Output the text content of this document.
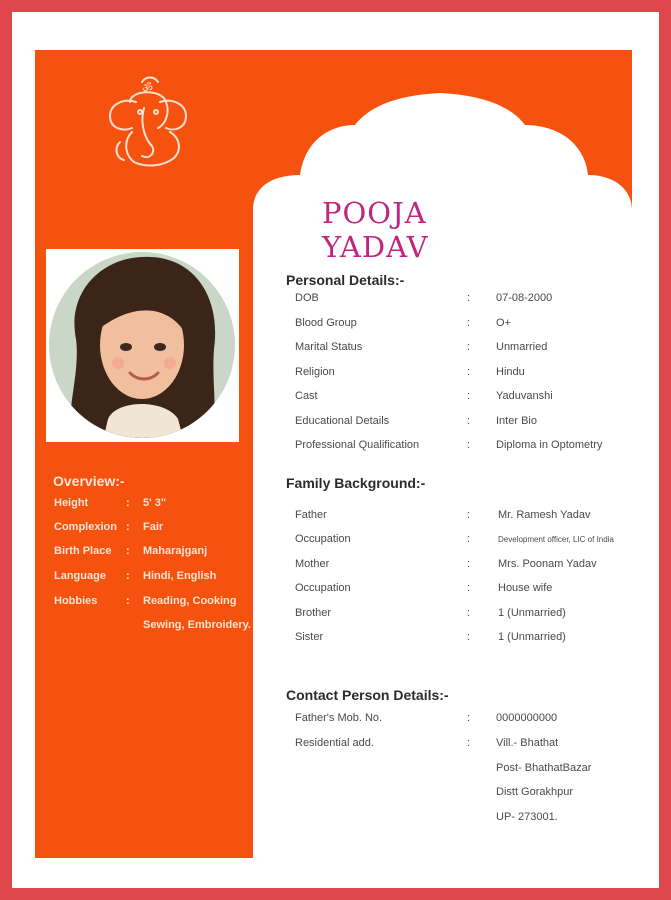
ॐ
POOJA YADAV
Personal Details:-
DOB	: 07-08-2000
Blood Group	: O+
Marital Status	: Unmarried
Religion	: Hindu
Cast	: Yaduvanshi
Educational Details	: Inter Bio
Professional Qualification	: Diploma in Optometry
Family Background:-
Father	:	Mr. Ramesh Yadav
Occupation	:	Development officer, LIC of India
Mother	:	Mrs. Poonam Yadav
Occupation	:	House wife
Brother	:	1 (Unmarried)
Sister	:	1 (Unmarried)
Contact Person Details:-
Father's Mob. No.	: 0000000000
Residential add.	: Vill.- Bhathat
Post- BhathatBazar
Distt Gorakhpur
UP- 273001.
Overview:-
Height	: 5' 3"
Complexion : Fair
Birth Place : Maharajganj
Language : Hindi, English
Hobbies	: Reading, Cooking
Sewing, Embroidery.
